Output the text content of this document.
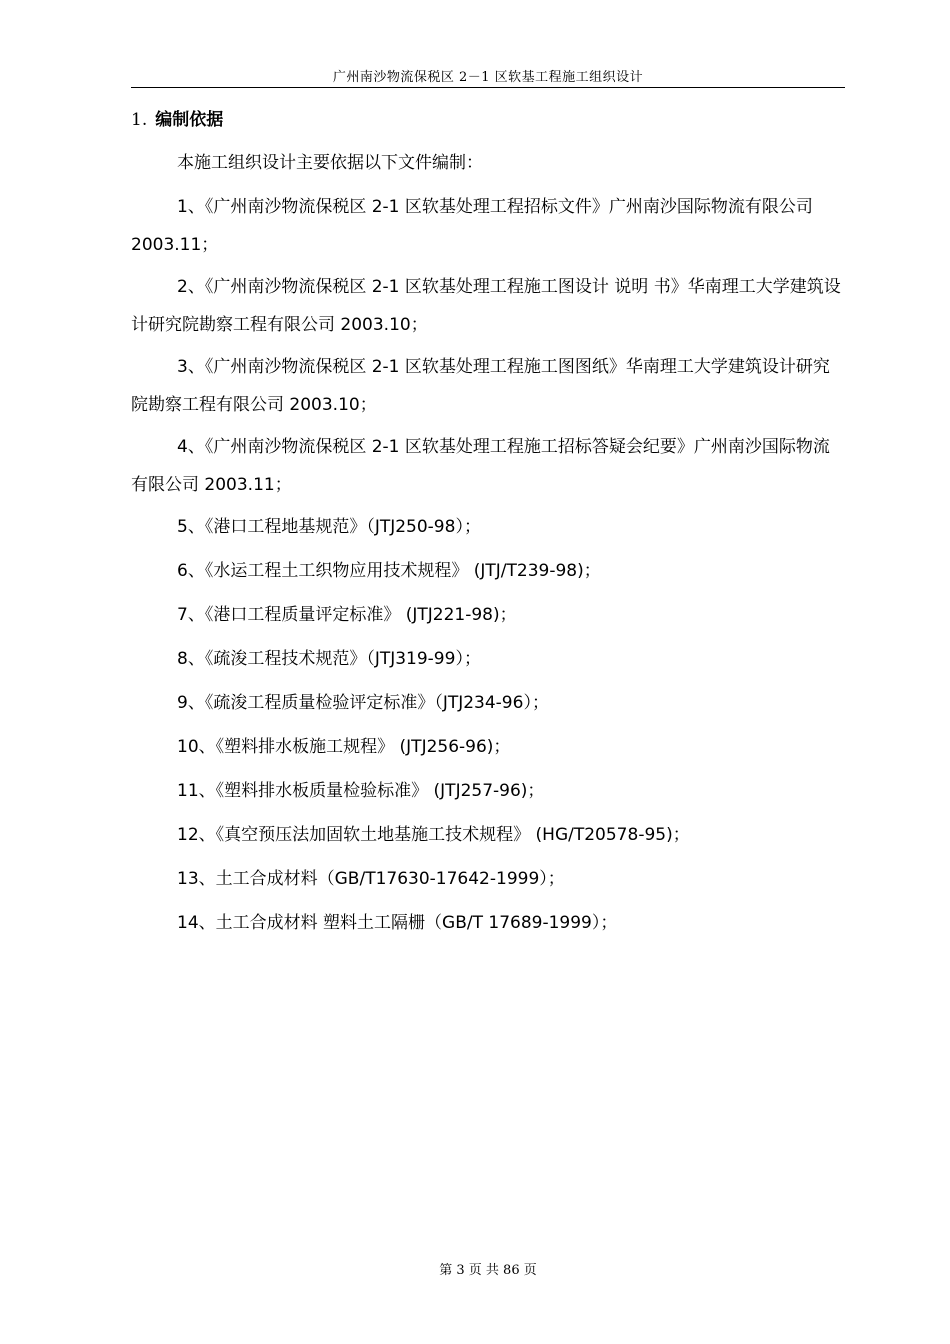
广州南沙物流保税区 2－1 区软基工程施工组织设计
1. 编制依据

本施工组织设计主要依据以下文件编制：

1、《广州南沙物流保税区 2-1 区软基处理工程招标文件》广州南沙国际物流有限公司 2003.11；

2、《广州南沙物流保税区 2-1 区软基处理工程施工图设计 说明 书》华南理工大学建筑设计研究院勘察工程有限公司 2003.10；

3、《广州南沙物流保税区 2-1 区软基处理工程施工图图纸》华南理工大学建筑设计研究院勘察工程有限公司 2003.10；

4、《广州南沙物流保税区 2-1 区软基处理工程施工招标答疑会纪要》广州南沙国际物流有限公司 2003.11；

5、《港口工程地基规范》（JTJ250-98）；

6、《水运工程土工织物应用技术规程》 (JTJ/T239-98)；

7、《港口工程质量评定标准》 (JTJ221-98)；

8、《疏浚工程技术规范》（JTJ319-99）；

9、《疏浚工程质量检验评定标准》（JTJ234-96）；

10、《塑料排水板施工规程》 (JTJ256-96)；

11、《塑料排水板质量检验标准》 (JTJ257-96)；

12、《真空预压法加固软土地基施工技术规程》 (HG/T20578-95)；

13、土工合成材料（GB/T17630-17642-1999）；

14、土工合成材料 塑料土工隔栅（GB/T 17689-1999）；

第 3 页 共 86 页
